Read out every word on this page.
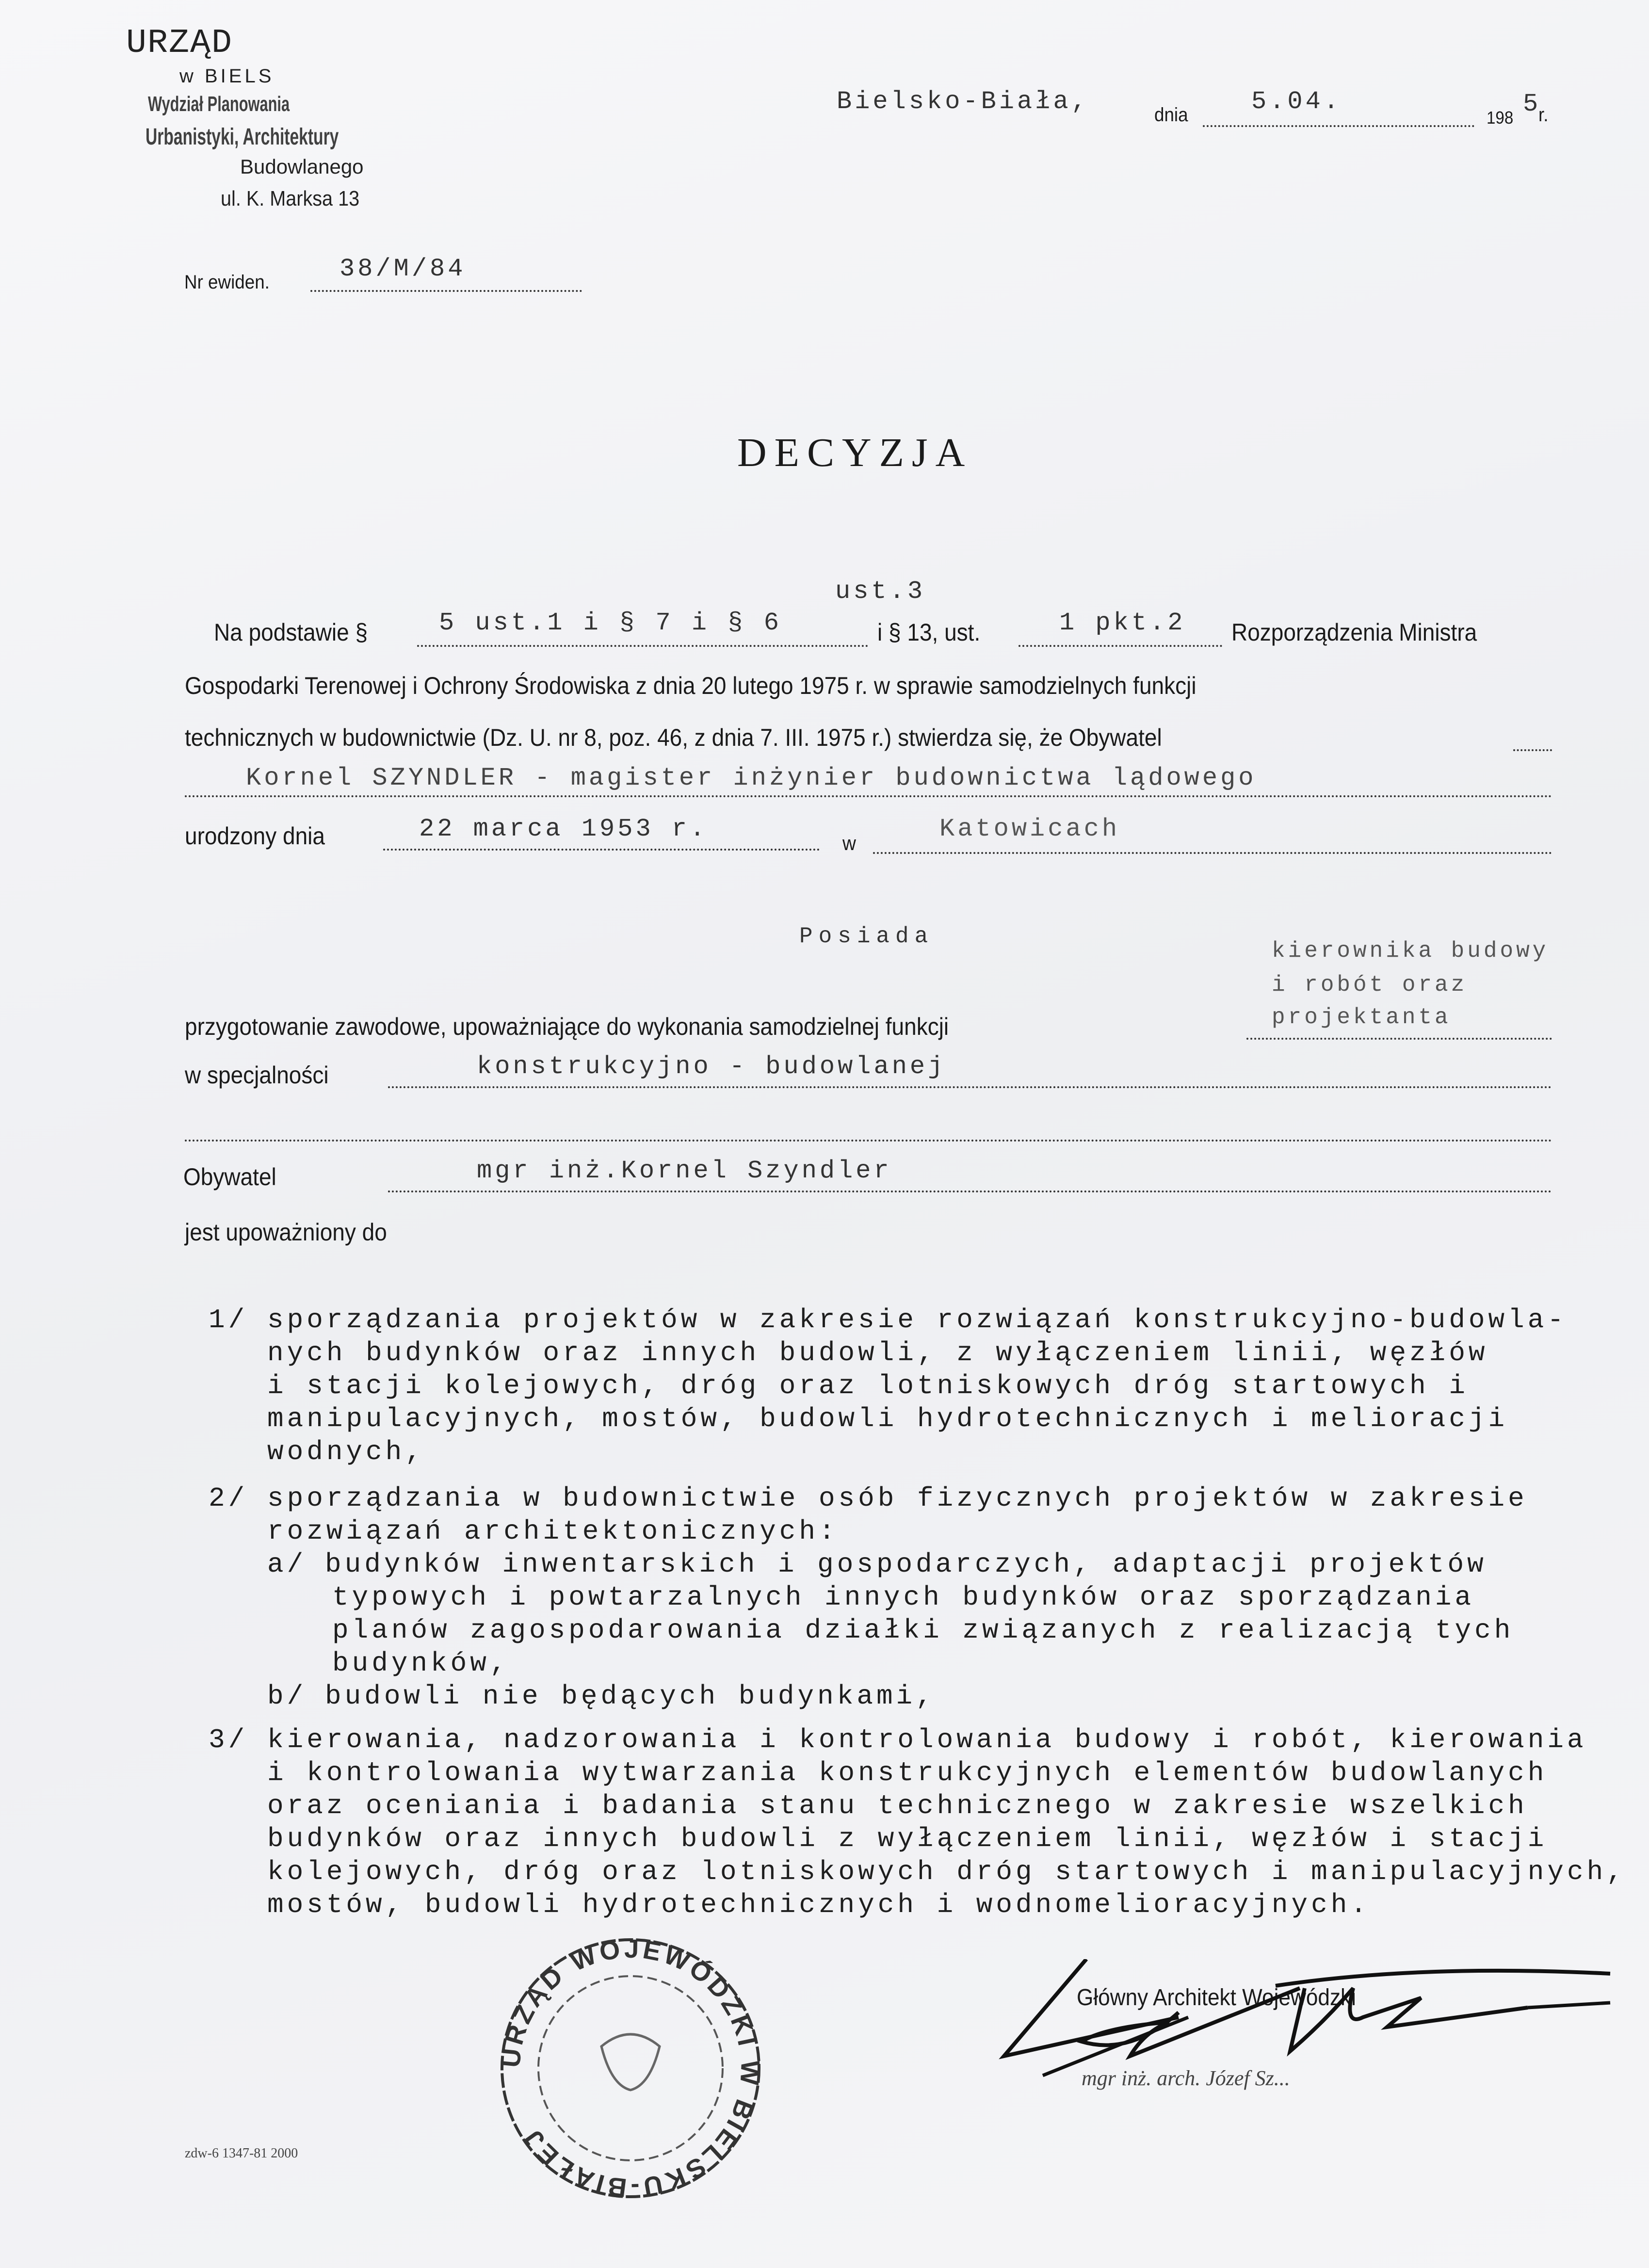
URZĄD
w BIELS
Wydział Planowania
Urbanistyki, Architektury
Budowlanego
ul. K. Marksa 13
Bielsko-Biała,	dnia	5.04.
198 5
r.
Nr ewiden.	38/M/84
DECYZJA
ust.3
Na podstawie §	5 ust.1 i § 7 i § 6	i § 13, ust.	1 pkt.2 Rozporządzenia Ministra
Gospodarki Terenowej i Ochrony Środowiska z dnia 20 lutego 1975 r. w sprawie samodzielnych funkcji
technicznych w budownictwie (Dz. U. nr 8, poz. 46, z dnia 7. III. 1975 r.) stwierdza się, że Obywatel
Kornel SZYNDLER - magister inżynier budownictwa lądowego
urodzony dnia	22 marca 1953 r.	w	Katowicach
Posiada
kierownika budowy
i robót oraz
projektanta
przygotowanie zawodowe, upoważniające do wykonania samodzielnej funkcji
w specjalności	konstrukcyjno - budowlanej
Obywatel	mgr inż.Kornel Szyndler
jest upoważniony do
1/ sporządzania projektów w zakresie rozwiązań konstrukcyjno-budowla-
nych budynków oraz innych budowli, z wyłączeniem linii, węzłów
i stacji kolejowych, dróg oraz lotniskowych dróg startowych i
manipulacyjnych, mostów, budowli hydrotechnicznych i melioracji
wodnych,
2/ sporządzania w budownictwie osób fizycznych projektów w zakresie
rozwiązań architektonicznych:
a/ budynków inwentarskich i gospodarczych, adaptacji projektów
typowych i powtarzalnych innych budynków oraz sporządzania
planów zagospodarowania działki związanych z realizacją tych
budynków,
b/ budowli nie będących budynkami,
3/ kierowania, nadzorowania i kontrolowania budowy i robót, kierowania
i kontrolowania wytwarzania konstrukcyjnych elementów budowlanych
oraz oceniania i badania stanu technicznego w zakresie wszelkich
budynków oraz innych budowli z wyłączeniem linii, węzłów i stacji
kolejowych, dróg oraz lotniskowych dróg startowych i manipulacyjnych,
mostów, budowli hydrotechnicznych i wodnomelioracyjnych.
URZĄD WOJEWÓDZKI W BIELSKU-BIAŁEJ
Główny Architekt Wojewódzki
mgr inż. arch. Józef Sz...
zdw-6 1347-81 2000
